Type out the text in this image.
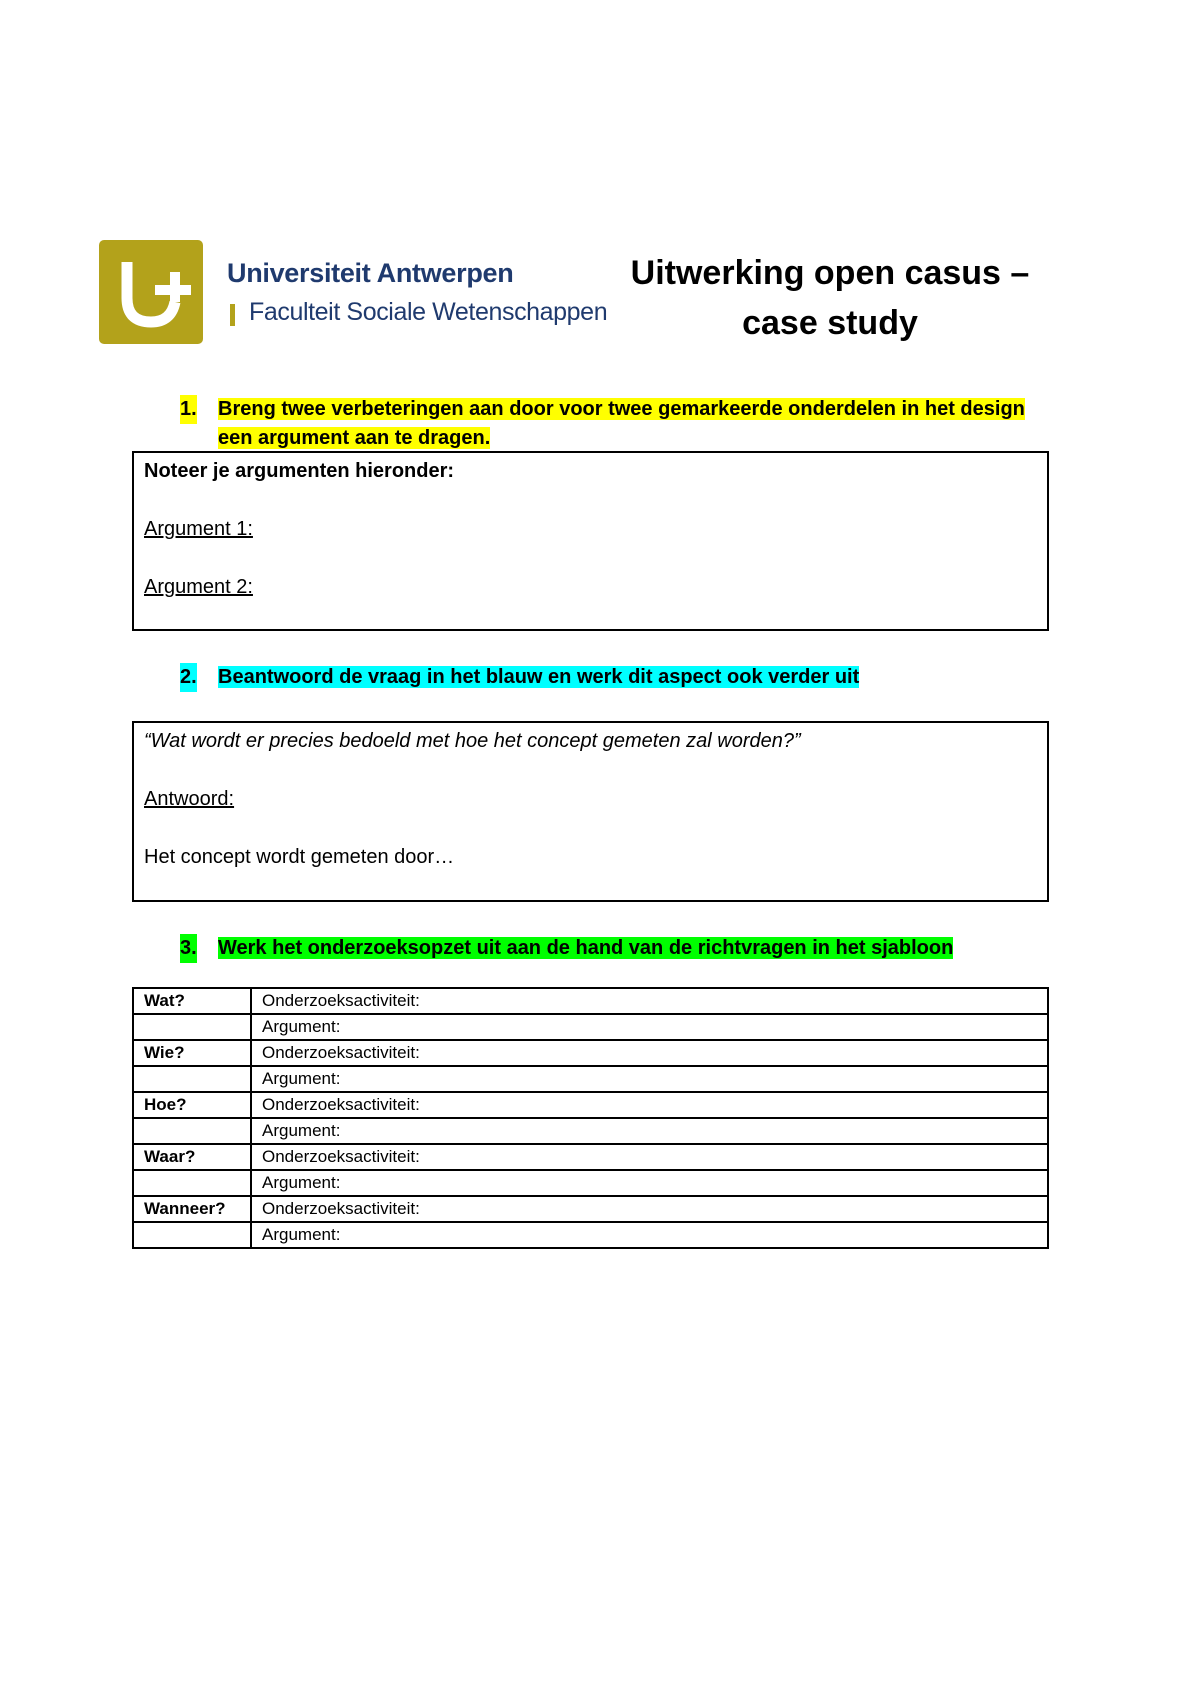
Universiteit Antwerpen
Faculteit Sociale Wetenschappen
Uitwerking open casus –
case study
1. Breng twee verbeteringen aan door voor twee gemarkeerde onderdelen in het design een argument aan te dragen.

Noteer je argumenten hieronder:

Argument 1:

Argument 2:

2. Beantwoord de vraag in het blauw en werk dit aspect ook verder uit

“Wat wordt er precies bedoeld met hoe het concept gemeten zal worden?”

Antwoord:

Het concept wordt gemeten door…

3. Werk het onderzoeksopzet uit aan de hand van de richtvragen in het sjabloon
Wat?	Onderzoeksactiviteit:
	Argument:
Wie?	Onderzoeksactiviteit:
	Argument:
Hoe?	Onderzoeksactiviteit:
	Argument:
Waar?	Onderzoeksactiviteit:
	Argument:
Wanneer?	Onderzoeksactiviteit:
	Argument:
